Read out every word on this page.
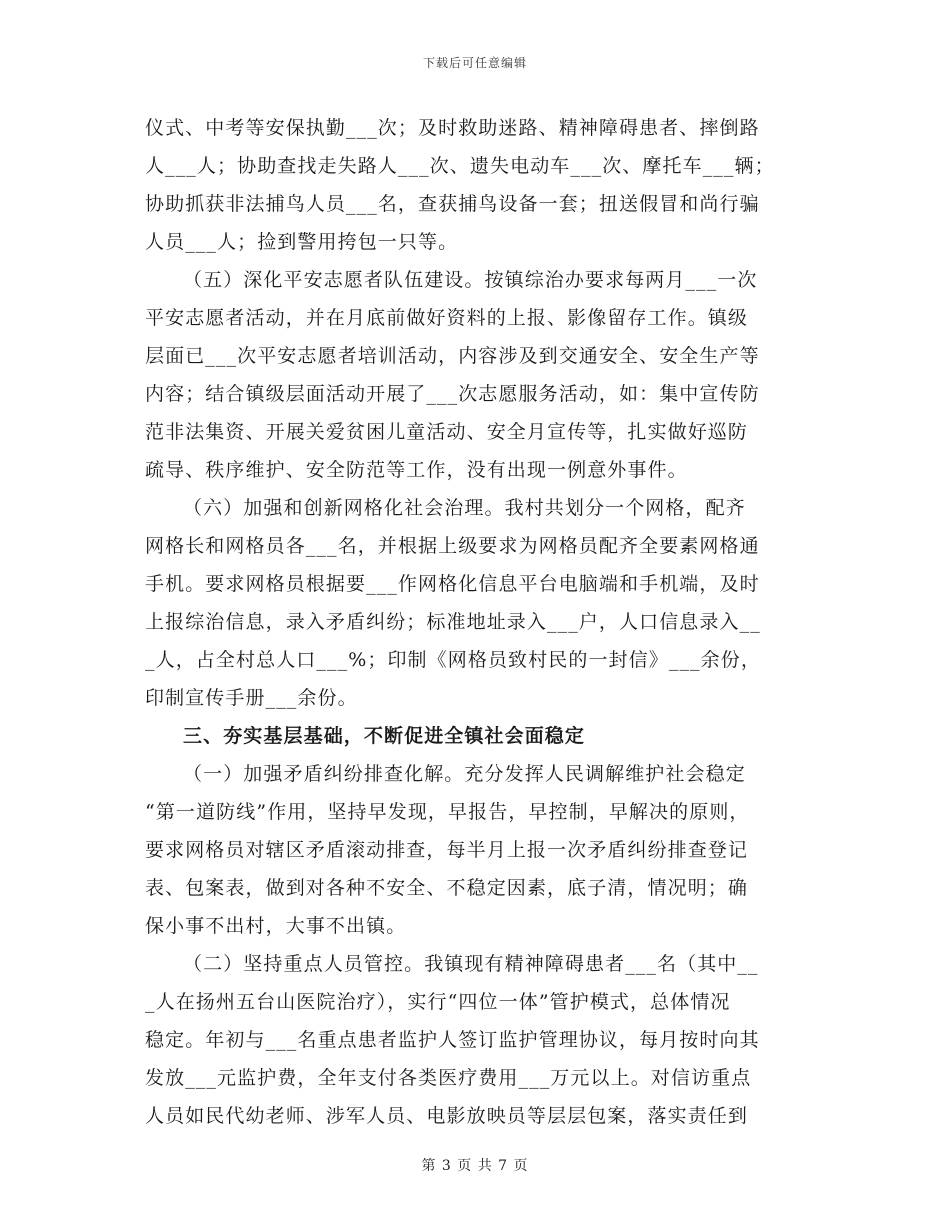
下载后可任意编辑
仪式、中考等安保执勤___次；及时救助迷路、精神障碍患者、摔倒路
人___人；协助查找走失路人___次、遗失电动车___次、摩托车___辆；
协助抓获非法捕鸟人员___名，查获捕鸟设备一套；扭送假冒和尚行骗
人员___人；捡到警用挎包一只等。
（五）深化平安志愿者队伍建设。按镇综治办要求每两月___一次
平安志愿者活动，并在月底前做好资料的上报、影像留存工作。镇级
层面已___次平安志愿者培训活动，内容涉及到交通安全、安全生产等
内容；结合镇级层面活动开展了___次志愿服务活动，如：集中宣传防
范非法集资、开展关爱贫困儿童活动、安全月宣传等，扎实做好巡防
疏导、秩序维护、安全防范等工作，没有出现一例意外事件。
（六）加强和创新网格化社会治理。我村共划分一个网格，配齐
网格长和网格员各___名，并根据上级要求为网格员配齐全要素网格通
手机。要求网格员根据要___作网格化信息平台电脑端和手机端，及时
上报综治信息，录入矛盾纠纷；标准地址录入___户，人口信息录入__
_人，占全村总人口___%；印制《网格员致村民的一封信》___余份，
印制宣传手册___余份。
三、夯实基层基础，不断促进全镇社会面稳定
（一）加强矛盾纠纷排查化解。充分发挥人民调解维护社会稳定
“第一道防线”作用，坚持早发现，早报告，早控制，早解决的原则，
要求网格员对辖区矛盾滚动排查，每半月上报一次矛盾纠纷排查登记
表、包案表，做到对各种不安全、不稳定因素，底子清，情况明；确
保小事不出村，大事不出镇。
（二）坚持重点人员管控。我镇现有精神障碍患者___名（其中__
_人在扬州五台山医院治疗），实行“四位一体”管护模式，总体情况
稳定。年初与___名重点患者监护人签订监护管理协议，每月按时向其
发放___元监护费，全年支付各类医疗费用___万元以上。对信访重点
人员如民代幼老师、涉军人员、电影放映员等层层包案，落实责任到
第 3 页 共 7 页
